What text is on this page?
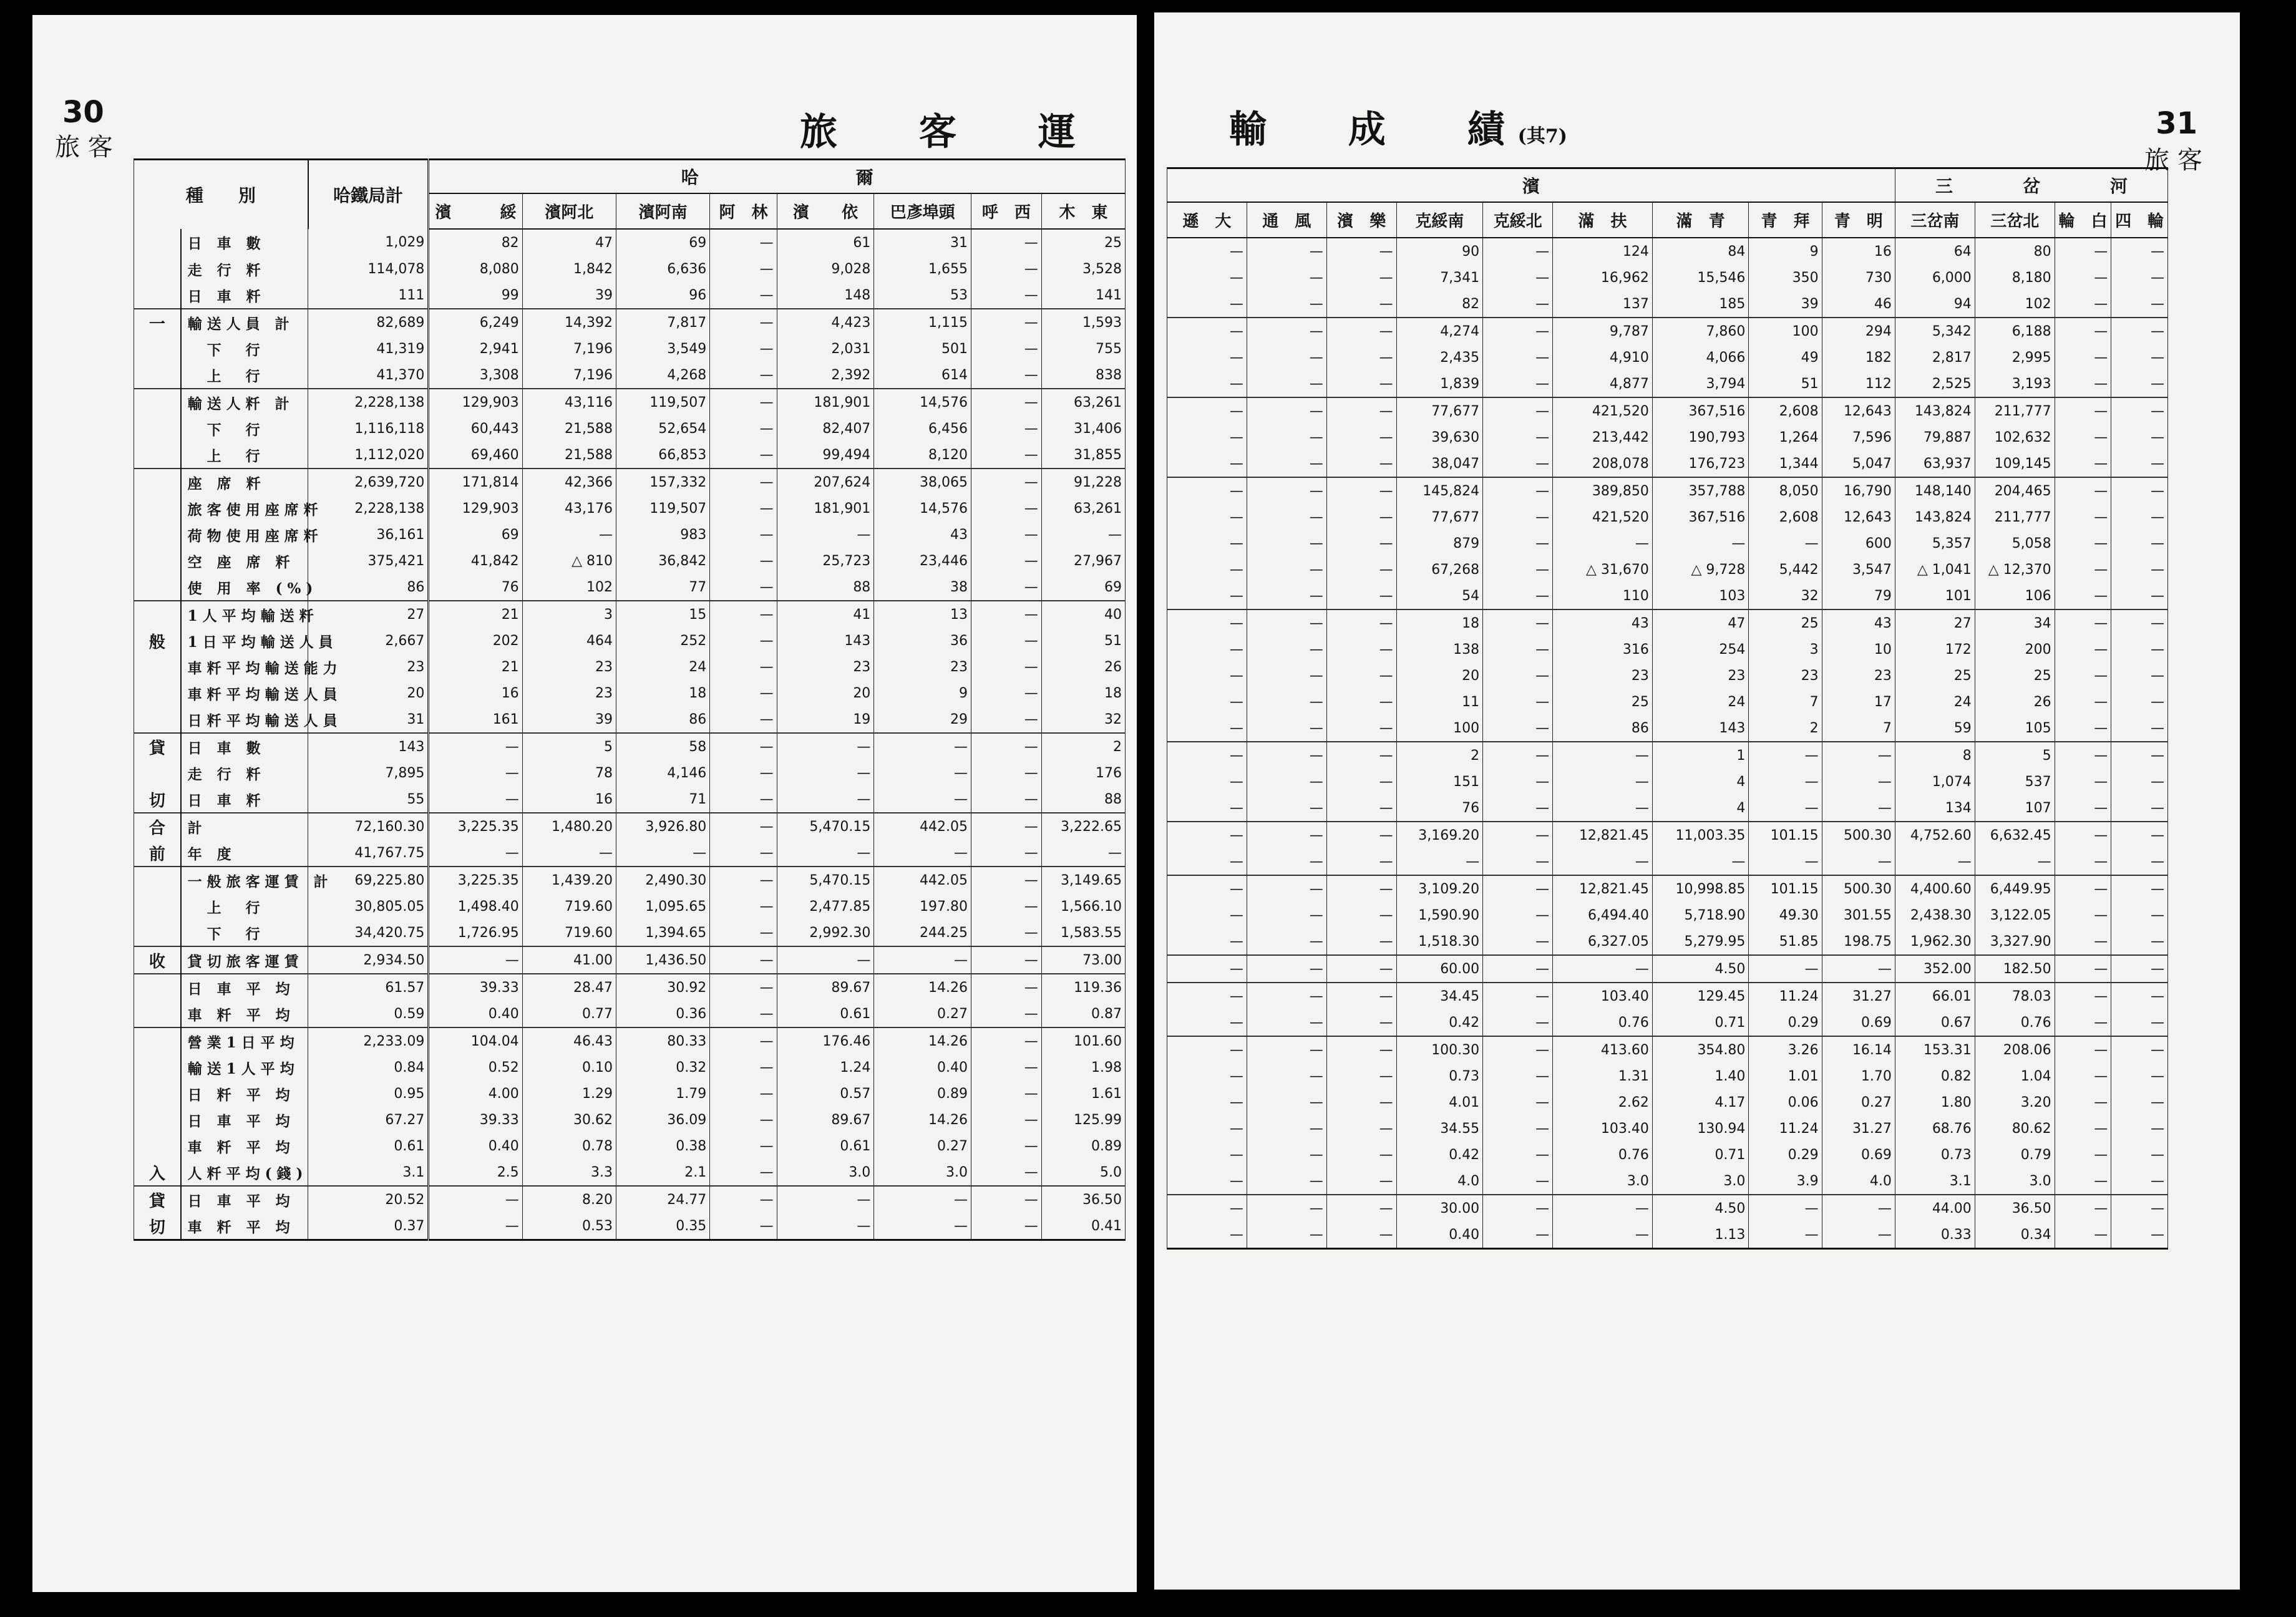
30
旅 客	旅 客 運
種　　別		哈鐵局計	哈　　　　　　　　　爾							
			濱　　　綏	濱阿北	濱阿南	阿　林	濱　　依	巴彥埠頭	呼　西	木　東
	日 車 數	1,029	82	47	69	—	61	31	—	25
	走 行 粁	114,078	8,080	1,842	6,636	—	9,028	1,655	—	3,528
	日 車 粁	111	99	39	96	—	148	53	—	141
一	輸送人員 計	82,689	6,249	14,392	7,817	—	4,423	1,115	—	1,593
	　下　行	41,319	2,941	7,196	3,549	—	2,031	501	—	755
	　上　行	41,370	3,308	7,196	4,268	—	2,392	614	—	838
	輸送人粁 計	2,228,138	129,903	43,116	119,507	—	181,901	14,576	—	63,261
	　下　行	1,116,118	60,443	21,588	52,654	—	82,407	6,456	—	31,406
	　上　行	1,112,020	69,460	21,588	66,853	—	99,494	8,120	—	31,855
	座 席 粁	2,639,720	171,814	42,366	157,332	—	207,624	38,065	—	91,228
	旅客使用座席粁	2,228,138	129,903	43,176	119,507	—	181,901	14,576	—	63,261
	荷物使用座席粁	36,161	69	—	983	—	—	43	—	—
	空 座 席 粁	375,421	41,842	△ 810	36,842	—	25,723	23,446	—	27,967
	使 用 率 (%)	86	76	102	77	—	88	38	—	69
	1人平均輸送粁	27	21	3	15	—	41	13	—	40
般	1日平均輸送人員	2,667	202	464	252	—	143	36	—	51
	車粁平均輸送能力	23	21	23	24	—	23	23	—	26
	車粁平均輸送人員	20	16	23	18	—	20	9	—	18
	日粁平均輸送人員	31	161	39	86	—	19	29	—	32
貸	日 車 數	143	—	5	58	—	—	—	—	2
	走 行 粁	7,895	—	78	4,146	—	—	—	—	176
切	日 車 粁	55	—	16	71	—	—	—	—	88
合	計	72,160.30	3,225.35	1,480.20	3,926.80	—	5,470.15	442.05	—	3,222.65
前	年 度	41,767.75	—	—	—	—	—	—	—	—
	一般旅客運賃 計	69,225.80	3,225.35	1,439.20	2,490.30	—	5,470.15	442.05	—	3,149.65
	　上　行	30,805.05	1,498.40	719.60	1,095.65	—	2,477.85	197.80	—	1,566.10
	　下　行	34,420.75	1,726.95	719.60	1,394.65	—	2,992.30	244.25	—	1,583.55
收	貸切旅客運賃	2,934.50	—	41.00	1,436.50	—	—	—	—	73.00
	日 車 平 均	61.57	39.33	28.47	30.92	—	89.67	14.26	—	119.36
	車 粁 平 均	0.59	0.40	0.77	0.36	—	0.61	0.27	—	0.87
	營業1日平均	2,233.09	104.04	46.43	80.33	—	176.46	14.26	—	101.60
	輸送1人平均	0.84	0.52	0.10	0.32	—	1.24	0.40	—	1.98
	日 粁 平 均	0.95	4.00	1.29	1.79	—	0.57	0.89	—	1.61
	日 車 平 均	67.27	39.33	30.62	36.09	—	89.67	14.26	—	125.99
	車 粁 平 均	0.61	0.40	0.78	0.38	—	0.61	0.27	—	0.89
入	人粁平均(錢)	3.1	2.5	3.3	2.1	—	3.0	3.0	—	5.0
貸	日 車 平 均	20.52	—	8.20	24.77	—	—	—	—	36.50
切	車 粁 平 均	0.37	—	0.53	0.35	—	—	—	—	0.41
31
旅 客
輸 成 績 (其7)
濱									三　　　　岔　　　　河			
遜　大	通　風	濱　樂	克綏南	克綏北	滿　扶	滿　青	青　拜	青　明	三岔南	三岔北	輪　白	四　輪
—	—	—	90	—	124	84	9	16	64	80	—	—
—	—	—	7,341	—	16,962	15,546	350	730	6,000	8,180	—	—
—	—	—	82	—	137	185	39	46	94	102	—	—
—	—	—	4,274	—	9,787	7,860	100	294	5,342	6,188	—	—
—	—	—	2,435	—	4,910	4,066	49	182	2,817	2,995	—	—
—	—	—	1,839	—	4,877	3,794	51	112	2,525	3,193	—	—
—	—	—	77,677	—	421,520	367,516	2,608	12,643	143,824	211,777	—	—
—	—	—	39,630	—	213,442	190,793	1,264	7,596	79,887	102,632	—	—
—	—	—	38,047	—	208,078	176,723	1,344	5,047	63,937	109,145	—	—
—	—	—	145,824	—	389,850	357,788	8,050	16,790	148,140	204,465	—	—
—	—	—	77,677	—	421,520	367,516	2,608	12,643	143,824	211,777	—	—
—	—	—	879	—	—	—	—	600	5,357	5,058	—	—
—	—	—	67,268	—	△ 31,670	△ 9,728	5,442	3,547	△ 1,041	△ 12,370	—	—
—	—	—	54	—	110	103	32	79	101	106	—	—
—	—	—	18	—	43	47	25	43	27	34	—	—
—	—	—	138	—	316	254	3	10	172	200	—	—
—	—	—	20	—	23	23	23	23	25	25	—	—
—	—	—	11	—	25	24	7	17	24	26	—	—
—	—	—	100	—	86	143	2	7	59	105	—	—
—	—	—	2	—	—	1	—	—	8	5	—	—
—	—	—	151	—	—	4	—	—	1,074	537	—	—
—	—	—	76	—	—	4	—	—	134	107	—	—
—	—	—	3,169.20	—	12,821.45	11,003.35	101.15	500.30	4,752.60	6,632.45	—	—
—	—	—	—	—	—	—	—	—	—	—	—	—
—	—	—	3,109.20	—	12,821.45	10,998.85	101.15	500.30	4,400.60	6,449.95	—	—
—	—	—	1,590.90	—	6,494.40	5,718.90	49.30	301.55	2,438.30	3,122.05	—	—
—	—	—	1,518.30	—	6,327.05	5,279.95	51.85	198.75	1,962.30	3,327.90	—	—
—	—	—	60.00	—	—	4.50	—	—	352.00	182.50	—	—
—	—	—	34.45	—	103.40	129.45	11.24	31.27	66.01	78.03	—	—
—	—	—	0.42	—	0.76	0.71	0.29	0.69	0.67	0.76	—	—
—	—	—	100.30	—	413.60	354.80	3.26	16.14	153.31	208.06	—	—
—	—	—	0.73	—	1.31	1.40	1.01	1.70	0.82	1.04	—	—
—	—	—	4.01	—	2.62	4.17	0.06	0.27	1.80	3.20	—	—
—	—	—	34.55	—	103.40	130.94	11.24	31.27	68.76	80.62	—	—
—	—	—	0.42	—	0.76	0.71	0.29	0.69	0.73	0.79	—	—
—	—	—	4.0	—	3.0	3.0	3.9	4.0	3.1	3.0	—	—
—	—	—	30.00	—	—	4.50	—	—	44.00	36.50	—	—
—	—	—	0.40	—	—	1.13	—	—	0.33	0.34	—	—
